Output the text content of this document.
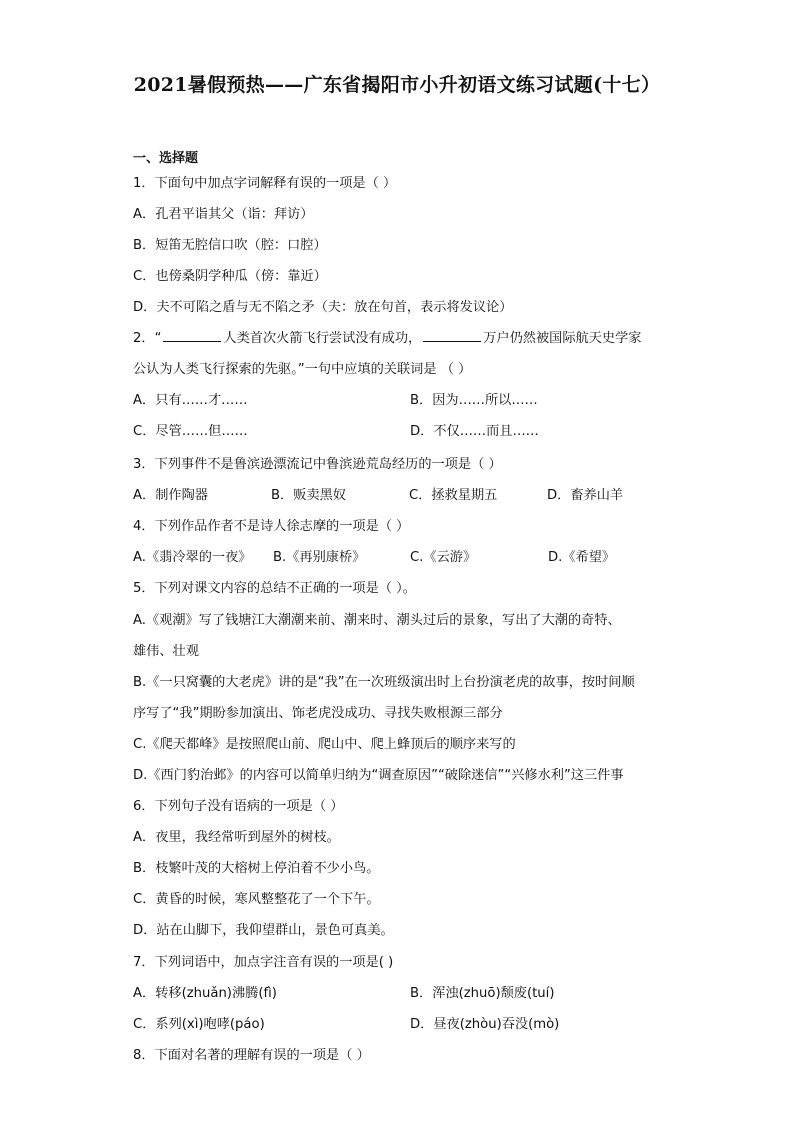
2021暑假预热——广东省揭阳市小升初语文练习试题(十七）
一、选择题
1．下面句中加点字词解释有误的一项是（ ）
A．孔君平诣其父（诣：拜访）
B．短笛无腔信口吹（腔：口腔）
C．也傍桑阴学种瓜（傍：靠近）
D．夫不可陷之盾与无不陷之矛（夫：放在句首，表示将发议论）
2．“	人类首次火箭飞行尝试没有成功，	万户仍然被国际航天史学家
公认为人类飞行探索的先驱。”一句中应填的关联词是 （ ）
A．只有……才……	B．因为……所以……
C．尽管……但……	D．不仅……而且……
3．下列事件不是鲁滨逊漂流记中鲁滨逊荒岛经历的一项是（ ）
A．制作陶器	B．贩卖黑奴	C．拯救星期五	D．畜养山羊
4．下列作品作者不是诗人徐志摩的一项是（ ）
A.《翡冷翠的一夜》 B.《再别康桥》	C.《云游》	D.《希望》
5．下列对课文内容的总结不正确的一项是（ ）。
A.《观潮》写了钱塘江大潮潮来前、潮来时、潮头过后的景象，写出了大潮的奇特、
雄伟、壮观
B.《一只窝囊的大老虎》讲的是“我”在一次班级演出时上台扮演老虎的故事，按时间顺
序写了“我”期盼参加演出、饰老虎没成功、寻找失败根源三部分
C.《爬天都峰》是按照爬山前、爬山中、爬上蜂顶后的顺序来写的
D.《西门豹治邺》的内容可以简单归纳为“调查原因”“破除迷信”“兴修水利”这三件事
6．下列句子没有语病的一项是（ ）
A．夜里，我经常听到屋外的树枝。
B．枝繁叶茂的大榕树上停泊着不少小鸟。
C．黄昏的时候，寒风整整花了一个下午。
D．站在山脚下，我仰望群山，景色可真美。
7．下列词语中，加点字注音有误的一项是( )
A．转移(zhuǎn)沸腾(fì)	B．浑浊(zhuō)颓废(tuí)
C．系列(xì)咆哮(páo)	D．昼夜(zhòu)吞没(mò)
8．下面对名著的理解有误的一项是（ ）
